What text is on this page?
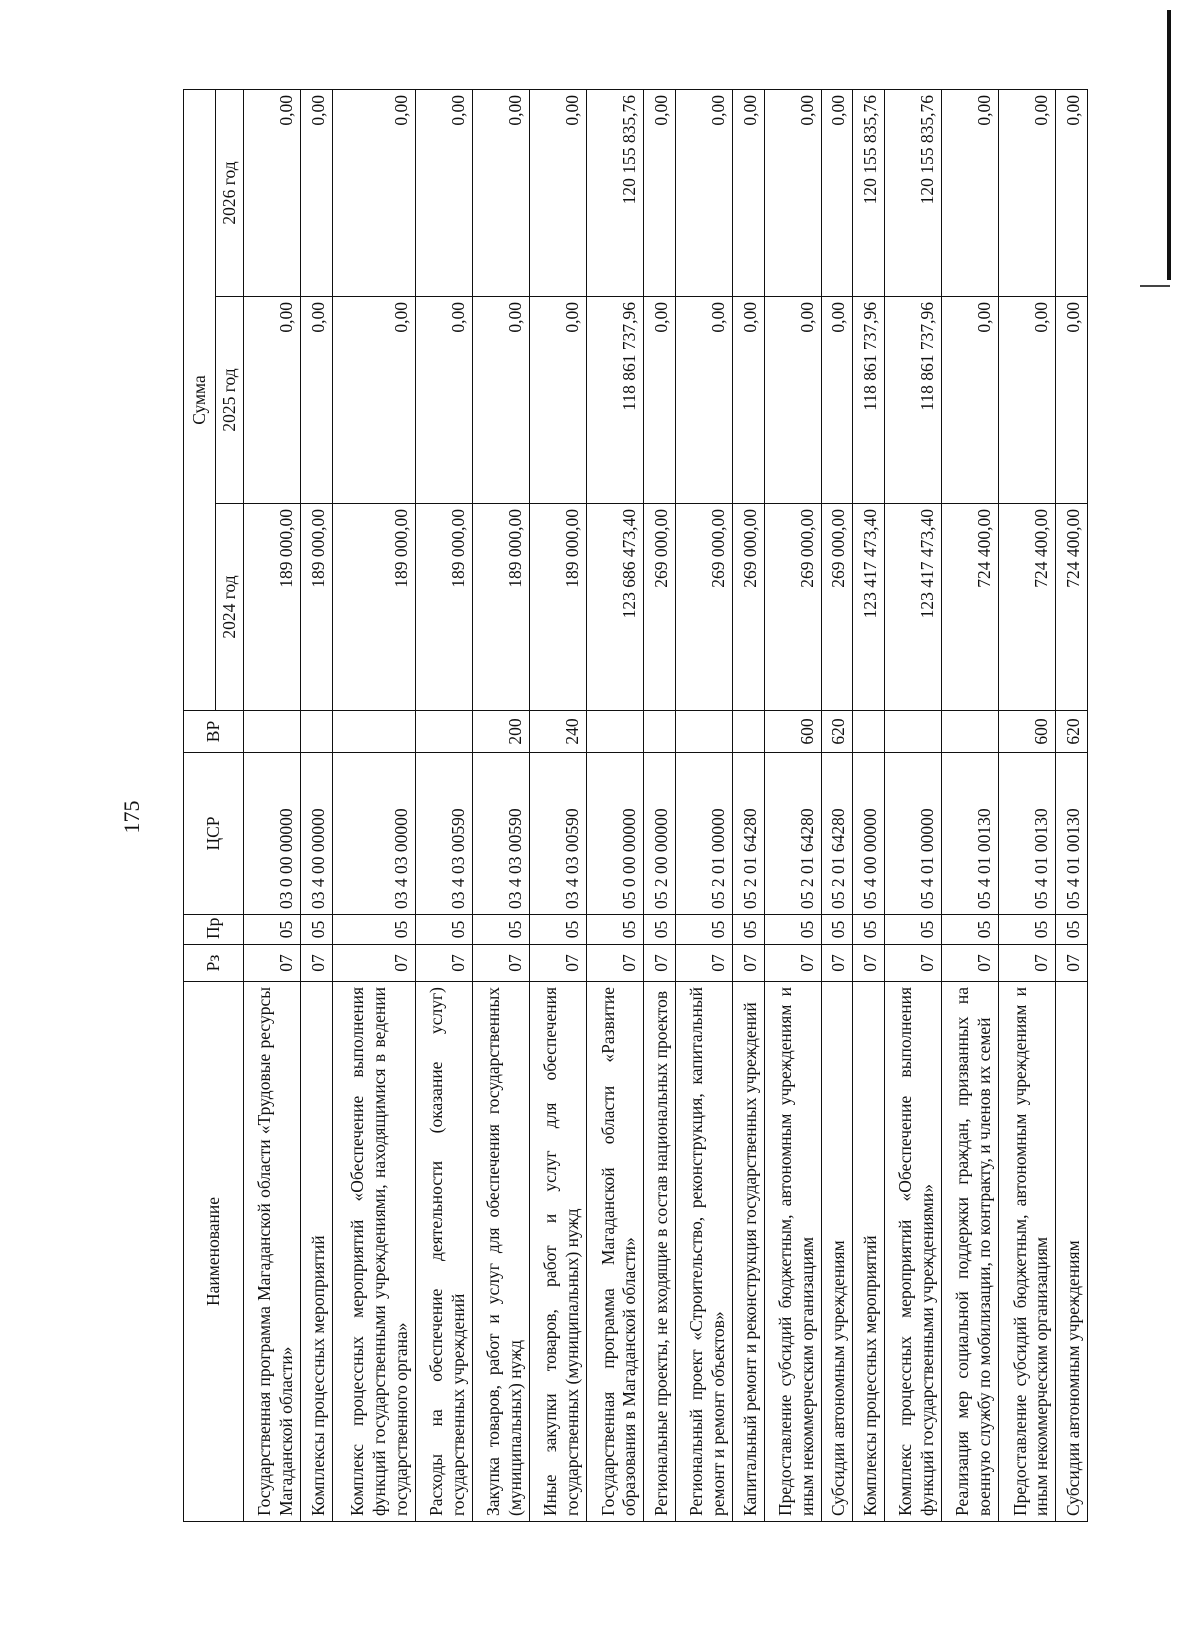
175
Наименование	Рз	Пр	ЦСР	ВР	Сумма		
					2024 год	2025 год	2026 год
Государственная программа Магаданской области «Трудовые ресурсы Магаданской области»	07	05	03 0 00 00000		189 000,00	0,00	0,00
Комплексы процессных мероприятий	07	05	03 4 00 00000		189 000,00	0,00	0,00
Комплекс процессных мероприятий «Обеспечение выполнения функций государственными учреждениями, находящимися в ведении государственного органа»	07	05	03 4 03 00000		189 000,00	0,00	0,00
Расходы на обеспечение деятельности (оказание услуг) государственных учреждений	07	05	03 4 03 00590		189 000,00	0,00	0,00
Закупка товаров, работ и услуг для обеспечения государственных (муниципальных) нужд	07	05	03 4 03 00590	200	189 000,00	0,00	0,00
Иные закупки товаров, работ и услуг для обеспечения государственных (муниципальных) нужд	07	05	03 4 03 00590	240	189 000,00	0,00	0,00
Государственная программа Магаданской области «Развитие образования в Магаданской области»	07	05	05 0 00 00000		123 686 473,40	118 861 737,96	120 155 835,76
Региональные проекты, не входящие в состав национальных проектов	07	05	05 2 00 00000		269 000,00	0,00	0,00
Региональный проект «Строительство, реконструкция, капитальный ремонт и ремонт объектов»	07	05	05 2 01 00000		269 000,00	0,00	0,00
Капитальный ремонт и реконструкция государственных учреждений	07	05	05 2 01 64280		269 000,00	0,00	0,00
Предоставление субсидий бюджетным, автономным учреждениям и иным некоммерческим организациям	07	05	05 2 01 64280	600	269 000,00	0,00	0,00
Субсидии автономным учреждениям	07	05	05 2 01 64280	620	269 000,00	0,00	0,00
Комплексы процессных мероприятий	07	05	05 4 00 00000		123 417 473,40	118 861 737,96	120 155 835,76
Комплекс процессных мероприятий «Обеспечение выполнения функций государственными учреждениями»	07	05	05 4 01 00000		123 417 473,40	118 861 737,96	120 155 835,76
Реализация мер социальной поддержки граждан, призванных на военную службу по мобилизации, по контракту, и членов их семей	07	05	05 4 01 00130		724 400,00	0,00	0,00
Предоставление субсидий бюджетным, автономным учреждениям и иным некоммерческим организациям	07	05	05 4 01 00130	600	724 400,00	0,00	0,00
Субсидии автономным учреждениям	07	05	05 4 01 00130	620	724 400,00	0,00	0,00
